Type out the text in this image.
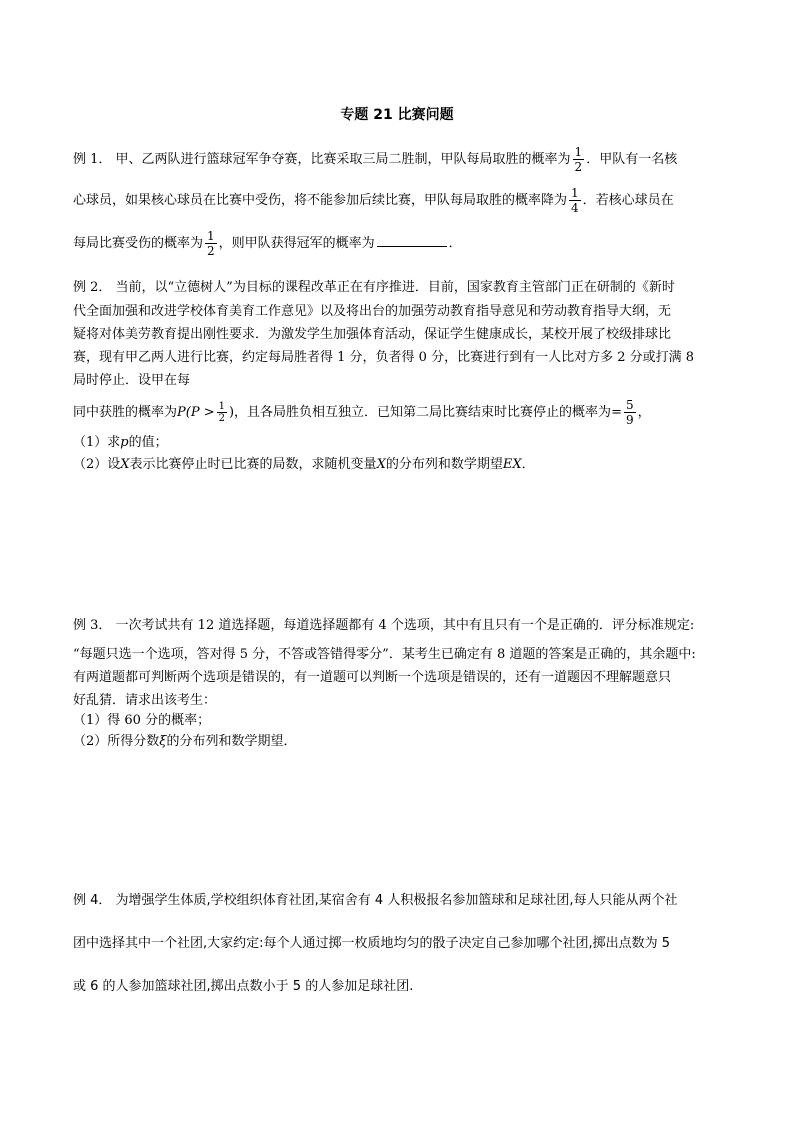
专题 21 比赛问题
例 1． 甲、乙两队进行篮球冠军争夺赛，比赛采取三局二胜制，甲队每局取胜的概率为 $\frac{1}{2}$ ．甲队有一名核
心球员，如果核心球员在比赛中受伤，将不能参加后续比赛，甲队每局取胜的概率降为 $\frac{1}{4}$ ．若核心球员在
每局比赛受伤的概率为 $\frac{1}{2}$ ，则甲队获得冠军的概率为	．
例 2． 当前，以“立德树人”为目标的课程改革正在有序推进．目前，国家教育主管部门正在研制的《新时
代全面加强和改进学校体育美育工作意见》以及将出台的加强劳动教育指导意见和劳动教育指导大纲，无
疑将对体美劳教育提出刚性要求．为激发学生加强体育活动，保证学生健康成长，某校开展了校级排球比
赛，现有甲乙两人进行比赛，约定每局胜者得 1 分，负者得 0 分，比赛进行到有一人比对方多 2 分或打满 8
局时停止．设甲在每
同中获胜的概率为$P(P > \frac{1}{2}$ )，且各局胜负相互独立．已知第二局比赛结束时比赛停止的概率为= $\frac{5}{9}$ ，
（1）求p的值；
（2）设X表示比赛停止时已比赛的局数，求随机变量X的分布列和数学期望EX．
例 3． 一次考试共有 12 道选择题，每道选择题都有 4 个选项，其中有且只有一个是正确的．评分标准规定:
“每题只选一个选项，答对得 5 分，不答或答错得零分”．某考生已确定有 8 道题的答案是正确的，其余题中:
有两道题都可判断两个选项是错误的，有一道题可以判断一个选项是错误的，还有一道题因不理解题意只
好乱猜．请求出该考生：
（1）得 60 分的概率；
（2）所得分数ξ的分布列和数学期望．
例 4． 为增强学生体质,学校组织体育社团,某宿舍有 4 人积极报名参加篮球和足球社团,每人只能从两个社
团中选择其中一个社团,大家约定:每个人通过掷一枚质地均匀的骰子决定自己参加哪个社团,掷出点数为 5
或 6 的人参加篮球社团,掷出点数小于 5 的人参加足球社团.
